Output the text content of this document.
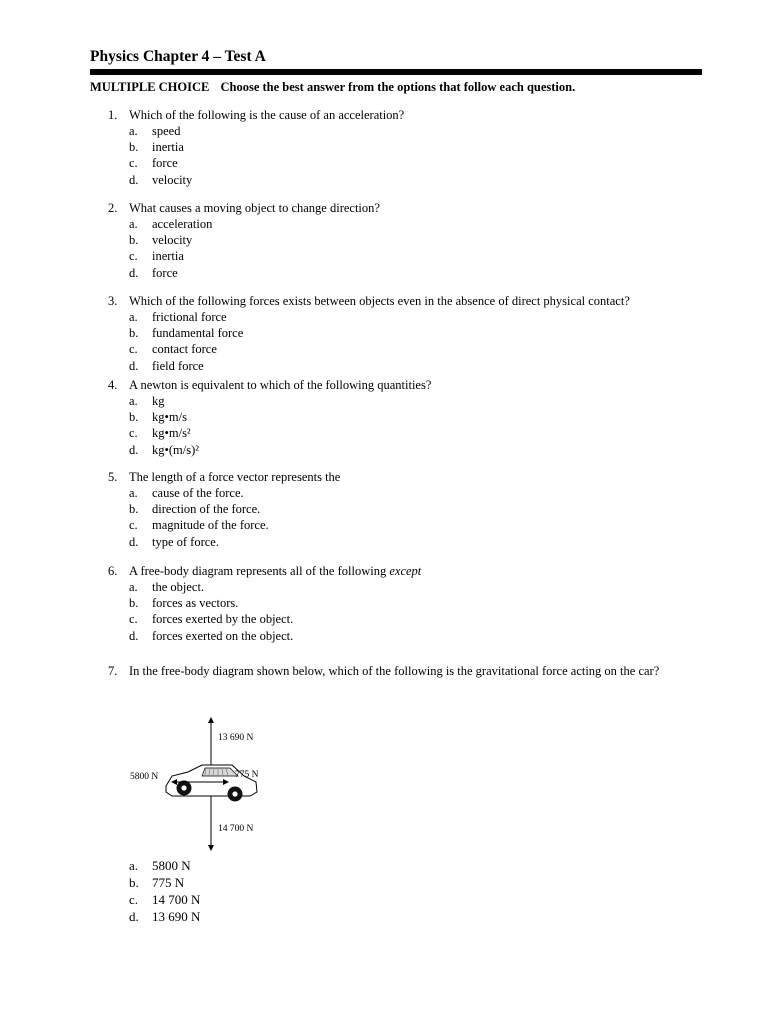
Physics Chapter 4 – Test A
MULTIPLE CHOICE Choose the best answer from the options that follow each question.
1. Which of the following is the cause of an acceleration?
a.	speed
b.	inertia
c.	force
d.	velocity
2. What causes a moving object to change direction?
a.	acceleration
b.	velocity
c.	inertia
d.	force
3. Which of the following forces exists between objects even in the absence of direct physical contact?
a.	frictional force
b.	fundamental force
c.	contact force
d.	field force
4. A newton is equivalent to which of the following quantities?
a.	kg
b.	kg•m/s
c.	kg•m/s²
d.	kg•(m/s)²
5. The length of a force vector represents the
a.	cause of the force.
b.	direction of the force.
c.	magnitude of the force.
d.	type of force.
6. A free-body diagram represents all of the following except
a.	the object.
b.	forces as vectors.
c.	forces exerted by the object.
d.	forces exerted on the object.
7. In the free-body diagram shown below, which of the following is the gravitational force acting on the car?
a.	5800 N
b.	775 N
c.	14 700 N
d.	13 690 N
13 690 N
775 N
5800 N
14 700 N
